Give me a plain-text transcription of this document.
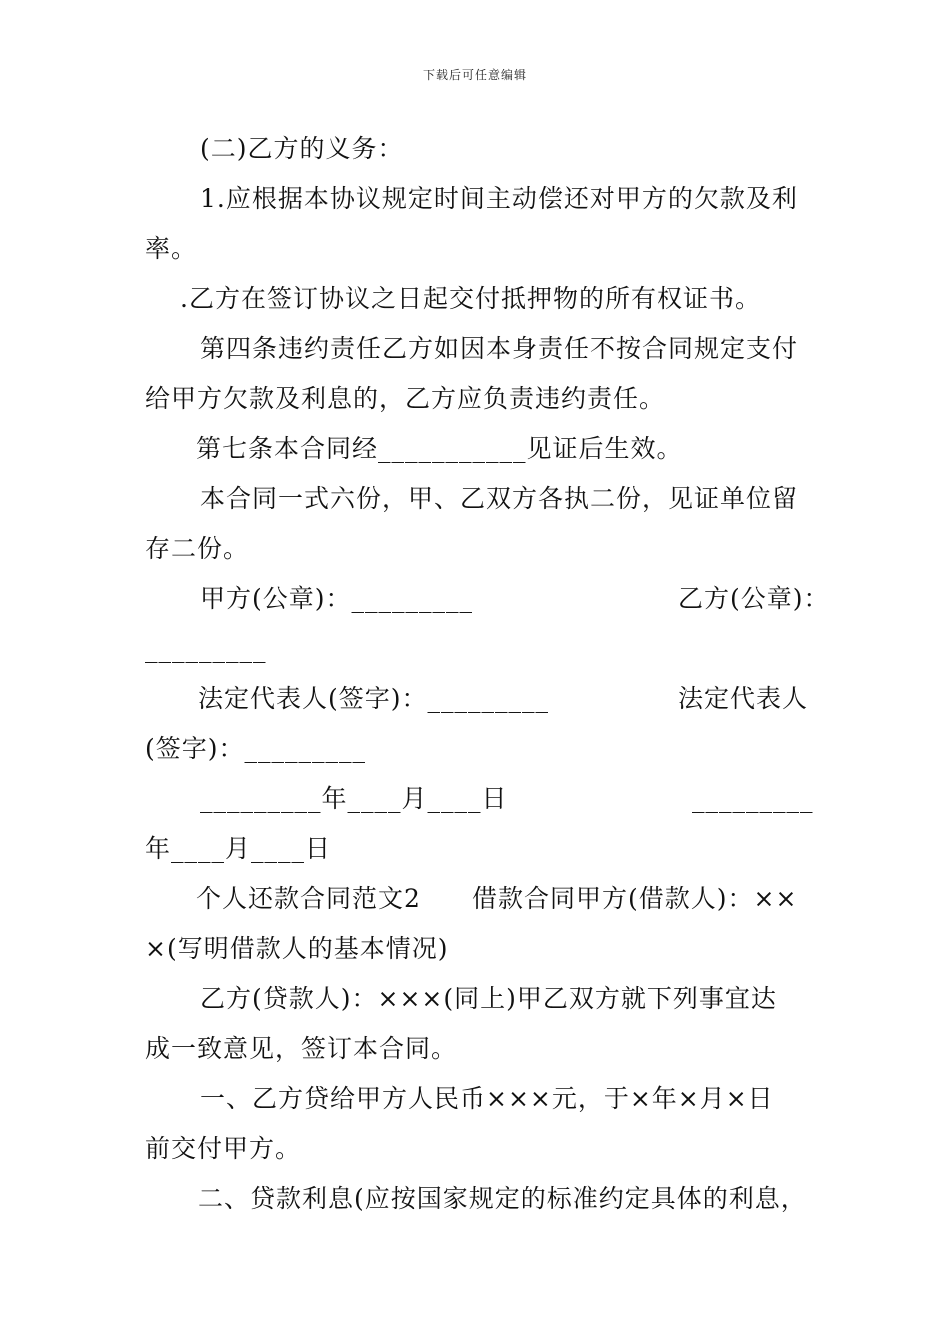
下载后可任意编辑
(二)乙方的义务：
1.应根据本协议规定时间主动偿还对甲方的欠款及利
率。
.乙方在签订协议之日起交付抵押物的所有权证书。
第四条违约责任乙方如因本身责任不按合同规定支付
给甲方欠款及利息的，乙方应负责违约责任。
第七条本合同经___________见证后生效。
本合同一式六份，甲、乙双方各执二份，见证单位留
存二份。
甲方(公章)：_________	乙方(公章)：
_________
法定代表人(签字)：_________	法定代表人
(签字)：_________
_________年____月____日	_________
年____月____日
个人还款合同范文2 借款合同甲方(借款人)：××
×(写明借款人的基本情况)
乙方(贷款人)：×××(同上)甲乙双方就下列事宜达
成一致意见，签订本合同。
一、乙方贷给甲方人民币×××元，于×年×月×日
前交付甲方。
二、贷款利息(应按国家规定的标准约定具体的利息，
